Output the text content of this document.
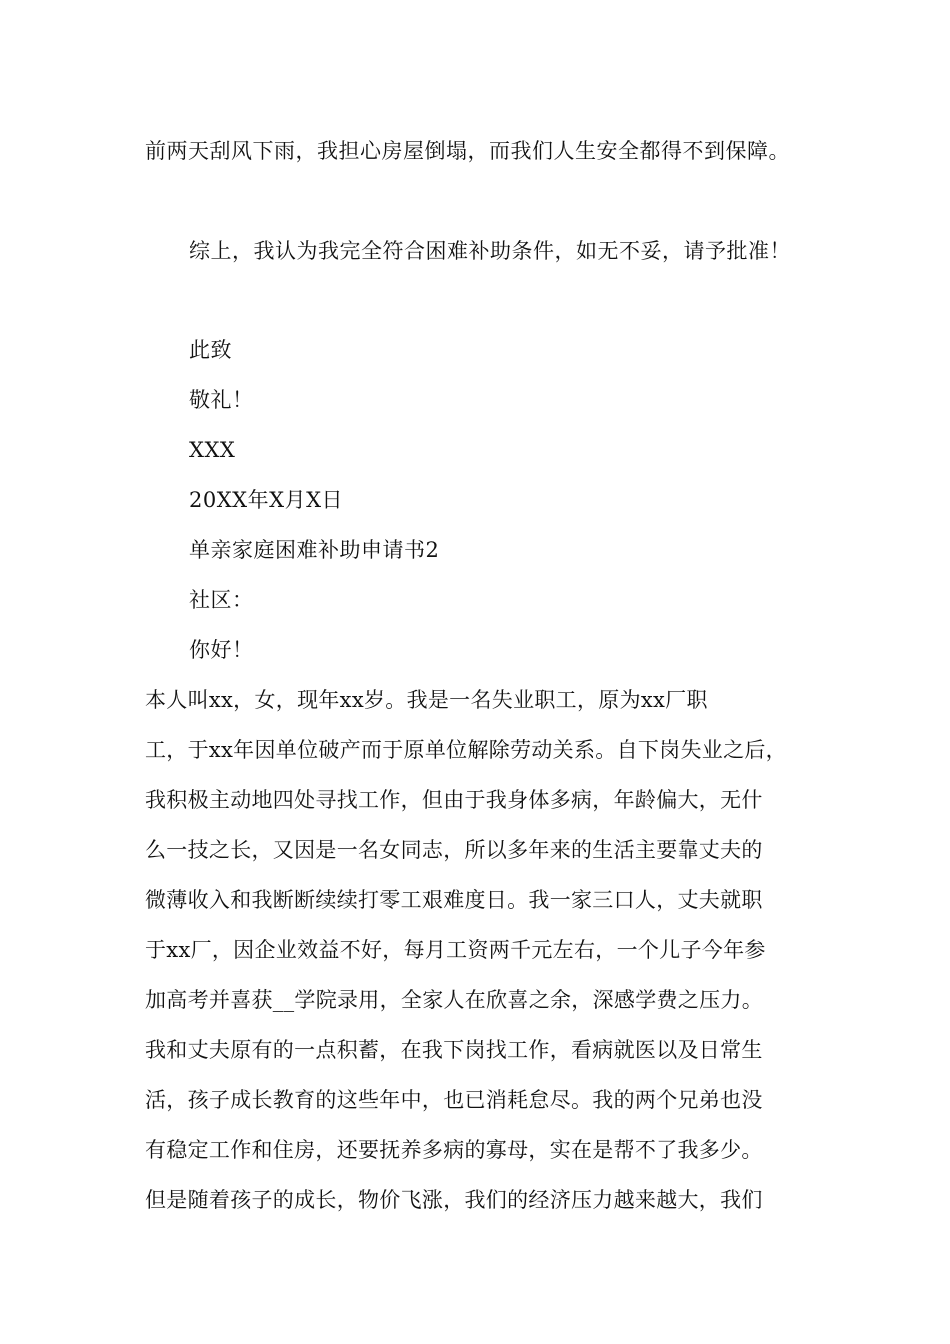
前两天刮风下雨，我担心房屋倒塌，而我们人生安全都得不到保障。
综上，我认为我完全符合困难补助条件，如无不妥，请予批准！
此致
敬礼！
XXX
20XX年X月X日
单亲家庭困难补助申请书2
社区：
你好！
本人叫xx，女，现年xx岁。我是一名失业职工，原为xx厂职
工，于xx年因单位破产而于原单位解除劳动关系。自下岗失业之后，
我积极主动地四处寻找工作，但由于我身体多病，年龄偏大，无什
么一技之长，又因是一名女同志，所以多年来的生活主要靠丈夫的
微薄收入和我断断续续打零工艰难度日。我一家三口人，丈夫就职
于xx厂，因企业效益不好，每月工资两千元左右，一个儿子今年参
加高考并喜获__学院录用，全家人在欣喜之余，深感学费之压力。
我和丈夫原有的一点积蓄，在我下岗找工作，看病就医以及日常生
活，孩子成长教育的这些年中，也已消耗怠尽。我的两个兄弟也没
有稳定工作和住房，还要抚养多病的寡母，实在是帮不了我多少。
但是随着孩子的成长，物价飞涨，我们的经济压力越来越大，我们
